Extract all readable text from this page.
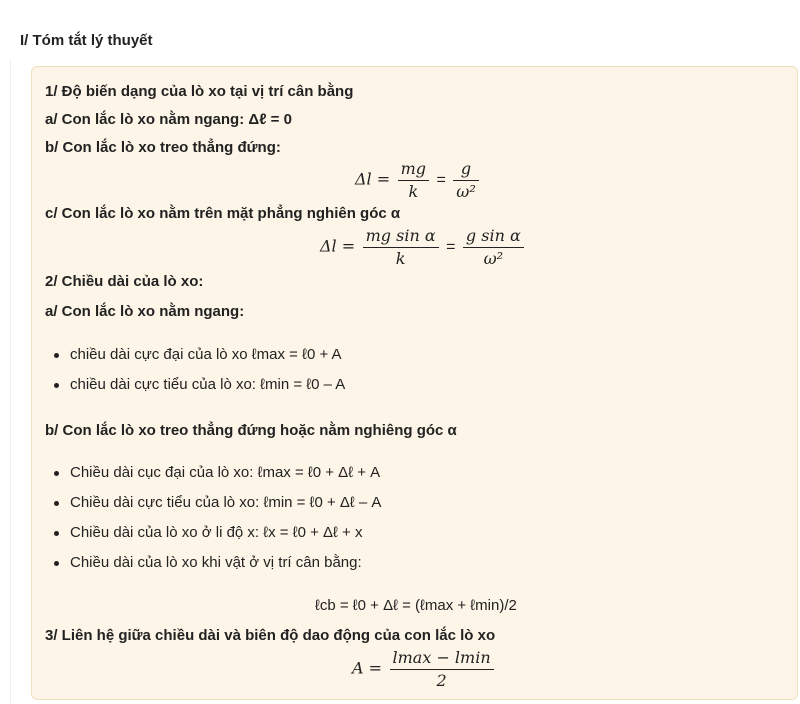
I/ Tóm tắt lý thuyết
1/ Độ biến dạng của lò xo tại vị trí cân bằng
a/ Con lắc lò xo nằm ngang: Δℓ = 0
b/ Con lắc lò xo treo thẳng đứng:
$\Delta l = \frac{mg}{k} = \frac{g}{\text{ω²}}$
c/ Con lắc lò xo nằm trên mặt phẳng nghiên góc α
$\Delta l = \frac{\text{mg sin α}}{k} = \frac{\text{g sin α}}{\text{ω²}}$
2/ Chiều dài của lò xo:
a/ Con lắc lò xo nằm ngang:
chiều dài cực đại của lò xo ℓmax = ℓ0 + A
chiều dài cực tiểu của lò xo: ℓmin = ℓ0 – A
b/ Con lắc lò xo treo thẳng đứng hoặc nằm nghiêng góc α
Chiều dài cục đại của lò xo: ℓmax = ℓ0 + Δℓ + A
Chiều dài cực tiểu của lò xo: ℓmin = ℓ0 + Δℓ – A
Chiều dài của lò xo ở li độ x: ℓx = ℓ0 + Δℓ + x
Chiều dài của lò xo khi vật ở vị trí cân bằng:
ℓcb = ℓ0 + Δℓ = (ℓmax + ℓmin)/2
3/ Liên hệ giữa chiều dài và biên độ dao động của con lắc lò xo
$A = \frac{lmax - lmin}{2}$
